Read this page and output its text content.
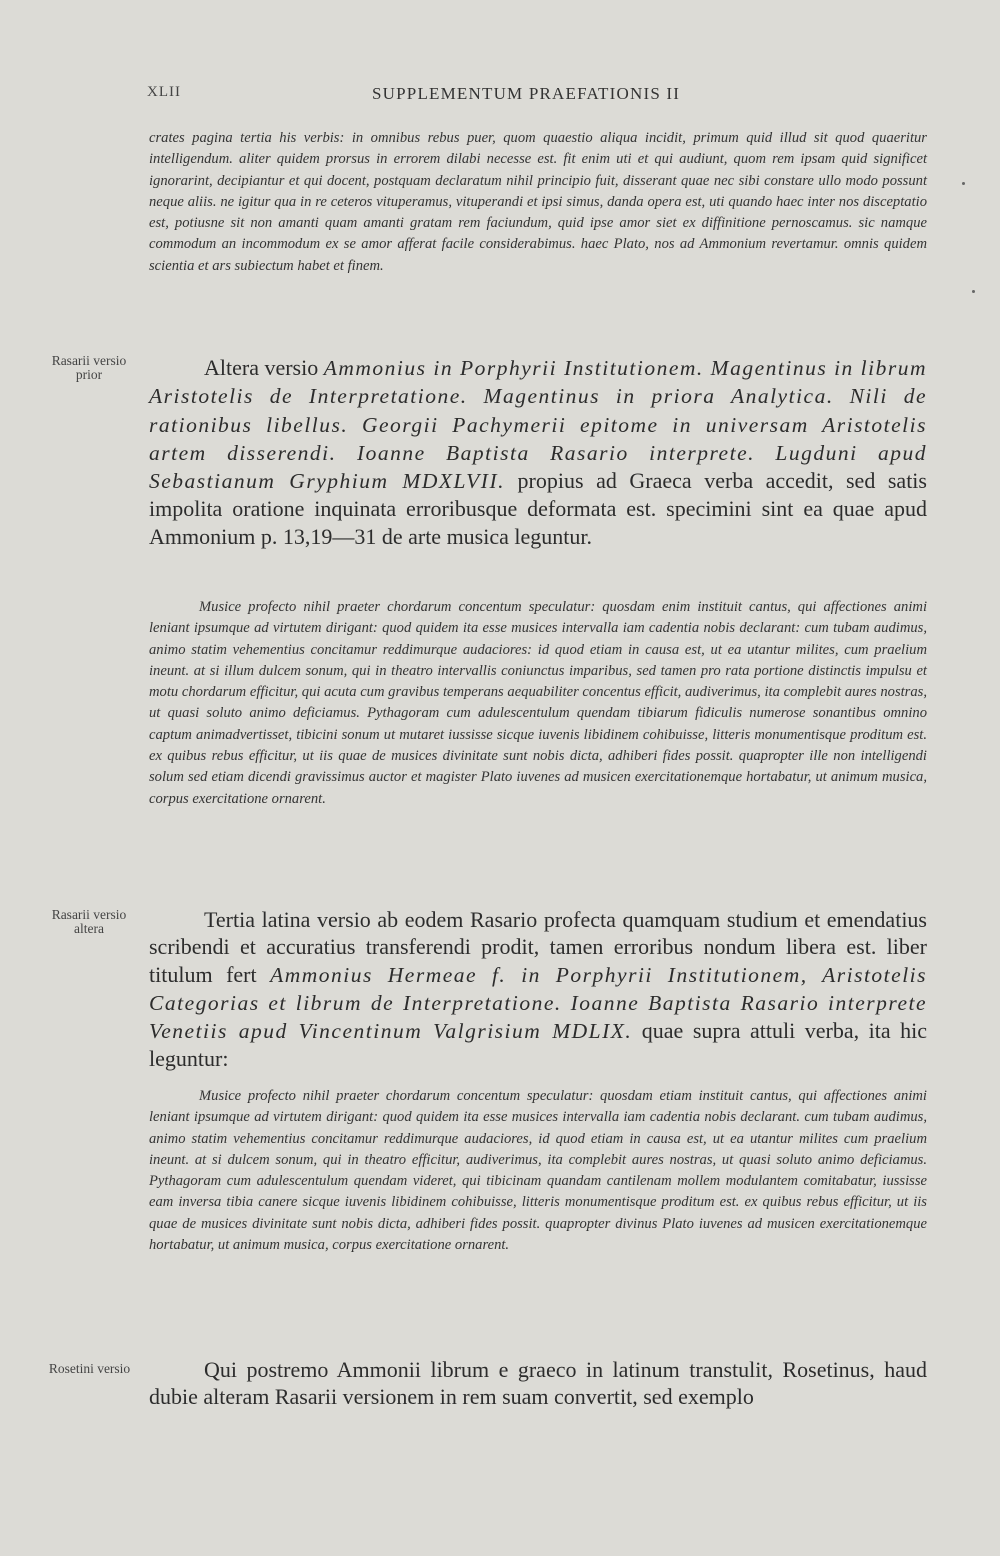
XLII	SUPPLEMENTUM PRAEFATIONIS II
Rasarii versio
prior
Rasarii versio
altera
Rosetini versio

crates pagina tertia his verbis: in omnibus rebus puer, quom quaestio aliqua incidit, primum quid illud sit quod quaeritur intelligendum. aliter quidem prorsus in errorem dilabi necesse est. fit enim uti et qui audiunt, quom rem ipsam quid significet ignorarint, decipiantur et qui docent, postquam declaratum nihil principio fuit, disserant quae nec sibi constare ullo modo possunt neque aliis. ne igitur qua in re ceteros vituperamus, vituperandi et ipsi simus, danda opera est, uti quando haec inter nos disceptatio est, potiusne sit non amanti quam amanti gratam rem faciundum, quid ipse amor siet ex diffinitione pernoscamus. sic namque commodum an incommodum ex se amor afferat facile considerabimus. haec Plato, nos ad Ammonium revertamur. omnis quidem scientia et ars subiectum habet et finem.

Altera versio Ammonius in Porphyrii Institutionem. Magentinus in librum Aristotelis de Interpretatione. Magentinus in priora Analytica. Nili de rationibus libellus. Georgii Pachymerii epitome in universam Aristotelis artem disserendi. Ioanne Baptista Rasario interprete. Lugduni apud Sebastianum Gryphium MDXLVII. propius ad Graeca verba accedit, sed satis impolita oratione inquinata erroribusque deformata est. specimini sint ea quae apud Ammonium p. 13,19—31 de arte musica leguntur.

Musice profecto nihil praeter chordarum concentum speculatur: quosdam enim instituit cantus, qui affectiones animi leniant ipsumque ad virtutem dirigant: quod quidem ita esse musices intervalla iam cadentia nobis declarant: cum tubam audimus, animo statim vehementius concitamur reddimurque audaciores: id quod etiam in causa est, ut ea utantur milites, cum praelium ineunt. at si illum dulcem sonum, qui in theatro intervallis coniunctus imparibus, sed tamen pro rata portione distinctis impulsu et motu chordarum efficitur, qui acuta cum gravibus temperans aequabiliter concentus efficit, audiverimus, ita complebit aures nostras, ut quasi soluto animo deficiamus. Pythagoram cum adulescentulum quendam tibiarum fidiculis numerose sonantibus omnino captum animadvertisset, tibicini sonum ut mutaret iussisse sicque iuvenis libidinem cohibuisse, litteris monumentisque proditum est. ex quibus rebus efficitur, ut iis quae de musices divinitate sunt nobis dicta, adhiberi fides possit. quapropter ille non intelligendi solum sed etiam dicendi gravissimus auctor et magister Plato iuvenes ad musicen exercitationemque hortabatur, ut animum musica, corpus exercitatione ornarent.

Tertia latina versio ab eodem Rasario profecta quamquam studium et emendatius scribendi et accuratius transferendi prodit, tamen erroribus nondum libera est. liber titulum fert Ammonius Hermeae f. in Porphyrii Institutionem, Aristotelis Categorias et librum de Interpretatione. Ioanne Baptista Rasario interprete Venetiis apud Vincentinum Valgrisium MDLIX. quae supra attuli verba, ita hic leguntur:

Musice profecto nihil praeter chordarum concentum speculatur: quosdam etiam instituit cantus, qui affectiones animi leniant ipsumque ad virtutem dirigant: quod quidem ita esse musices intervalla iam cadentia nobis declarant. cum tubam audimus, animo statim vehementius concitamur reddimurque audaciores, id quod etiam in causa est, ut ea utantur milites cum praelium ineunt. at si dulcem sonum, qui in theatro efficitur, audiverimus, ita complebit aures nostras, ut quasi soluto animo deficiamus. Pythagoram cum adulescentulum quendam videret, qui tibicinam quandam cantilenam mollem modulantem comitabatur, iussisse eam inversa tibia canere sicque iuvenis libidinem cohibuisse, litteris monumentisque proditum est. ex quibus rebus efficitur, ut iis quae de musices divinitate sunt nobis dicta, adhiberi fides possit. quapropter divinus Plato iuvenes ad musicen exercitationemque hortabatur, ut animum musica, corpus exercitatione ornarent.

Qui postremo Ammonii librum e graeco in latinum transtulit, Rosetinus, haud dubie alteram Rasarii versionem in rem suam convertit, sed exemplo
